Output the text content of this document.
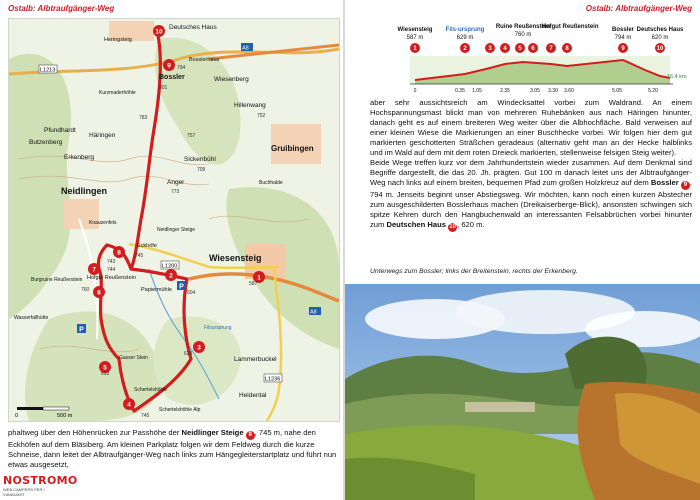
Ostalb: Albtraufgänger-Weg
10
9
8
7
6
5
4
3
2	1
P
P
Deutsches Haus
Heringsteig
Bossler
Bosslerhaus
Wiesenberg
Hillenwang
Häringen
Pfundhardt
Butzenberg
Erkenberg
Gruibingen
Sickenbühl
Neidlingen
Anger	Buchhalde
Knauzenfels
Eckhöfe
Neidlinger Steige
Hofgut Reußenstein
Burgruine Reußenstein
Wiesensteig
Papiermühle
Filsursprung
Gasser Stein	Lammerbuckel
Heldental
Wasserfallhütte
Schertelshöhle
Schertelshöhle Alp
Kurzmaderhöhle
L1213
A8
A8
L1200
L1236
794
801
752
783
757
709
773
745
760
629
693
745
604
587
743
744
0	500 m
phaltweg über den Höhenrücken zur Passhöhe der Neidlinger Steige 8 , 745 m, nahe den Eckhöfen auf dem Bläsiberg. Am kleinen Parkplatz folgen wir dem Feldweg durch die kurze Schneise, dann leitet der Albtraufgänger-Weg nach links zum Hängegleiterstartplatz und führt nun etwas ausgesetzt,
NOSTROMO
WEB CAMPERS PER I VIANDANTI
Ostalb: Albtraufgänger-Weg
Wiesensteig
587 m
Fils-ursprung
629 m
Ruine Reußenstein
760 m
Hofgut Reußenstein Bossler
794 m
Deutsches Haus
620 m
1	2	3 4 5 6 7 8	9	10
0	0.35 1.05	2.35	3.05 3.30 3.60	5.05	5.20
16.4 km
aber sehr aussichtsreich am Windecksattel vorbei zum Waldrand. An einem Hochspannungsmast blickt man von mehreren Ruhebänken aus nach Häringen hinunter, danach geht es auf einem breiteren Weg weiter über die Albhochfläche. Bald verweisen auf einer kleinen Wiese die Markierungen an einer Buschhecke vorbei. Wir folgen hier dem gut markierten geschotterten Sträßchen geradeaus (alternativ geht man an der Hecke halblinks und im Wald auf dem mit dem roten Dreieck markierten, stellenweise felsigen Steig weiter).
Beide Wege treffen kurz vor dem Jahrhundertstein wieder zusammen. Auf dem Denkmal sind Begriffe dargestellt, die das 20. Jh. prägten. Gut 100 m danach leitet uns der Albtraufgänger-Weg nach links auf einem breiten, bequemen Pfad zum großen Holzkreuz auf dem Bossler 9 , 794 m. Jenseits beginnt unser Abstiegsweg. Wir möchten, kann noch einen kurzen Abstecher zum ausgeschilderten Bosslerhaus machen (Dreikaiserberge-Blick), ansonsten schwingen sich spitze Kehren durch den Hangbuchenwald an interessanten Felsabbrüchen vorbei hinunter zum Deutschen Haus 10, 620 m.
Unterwegs zum Bossler; links der Breitenstein, rechts der Erkenberg.
